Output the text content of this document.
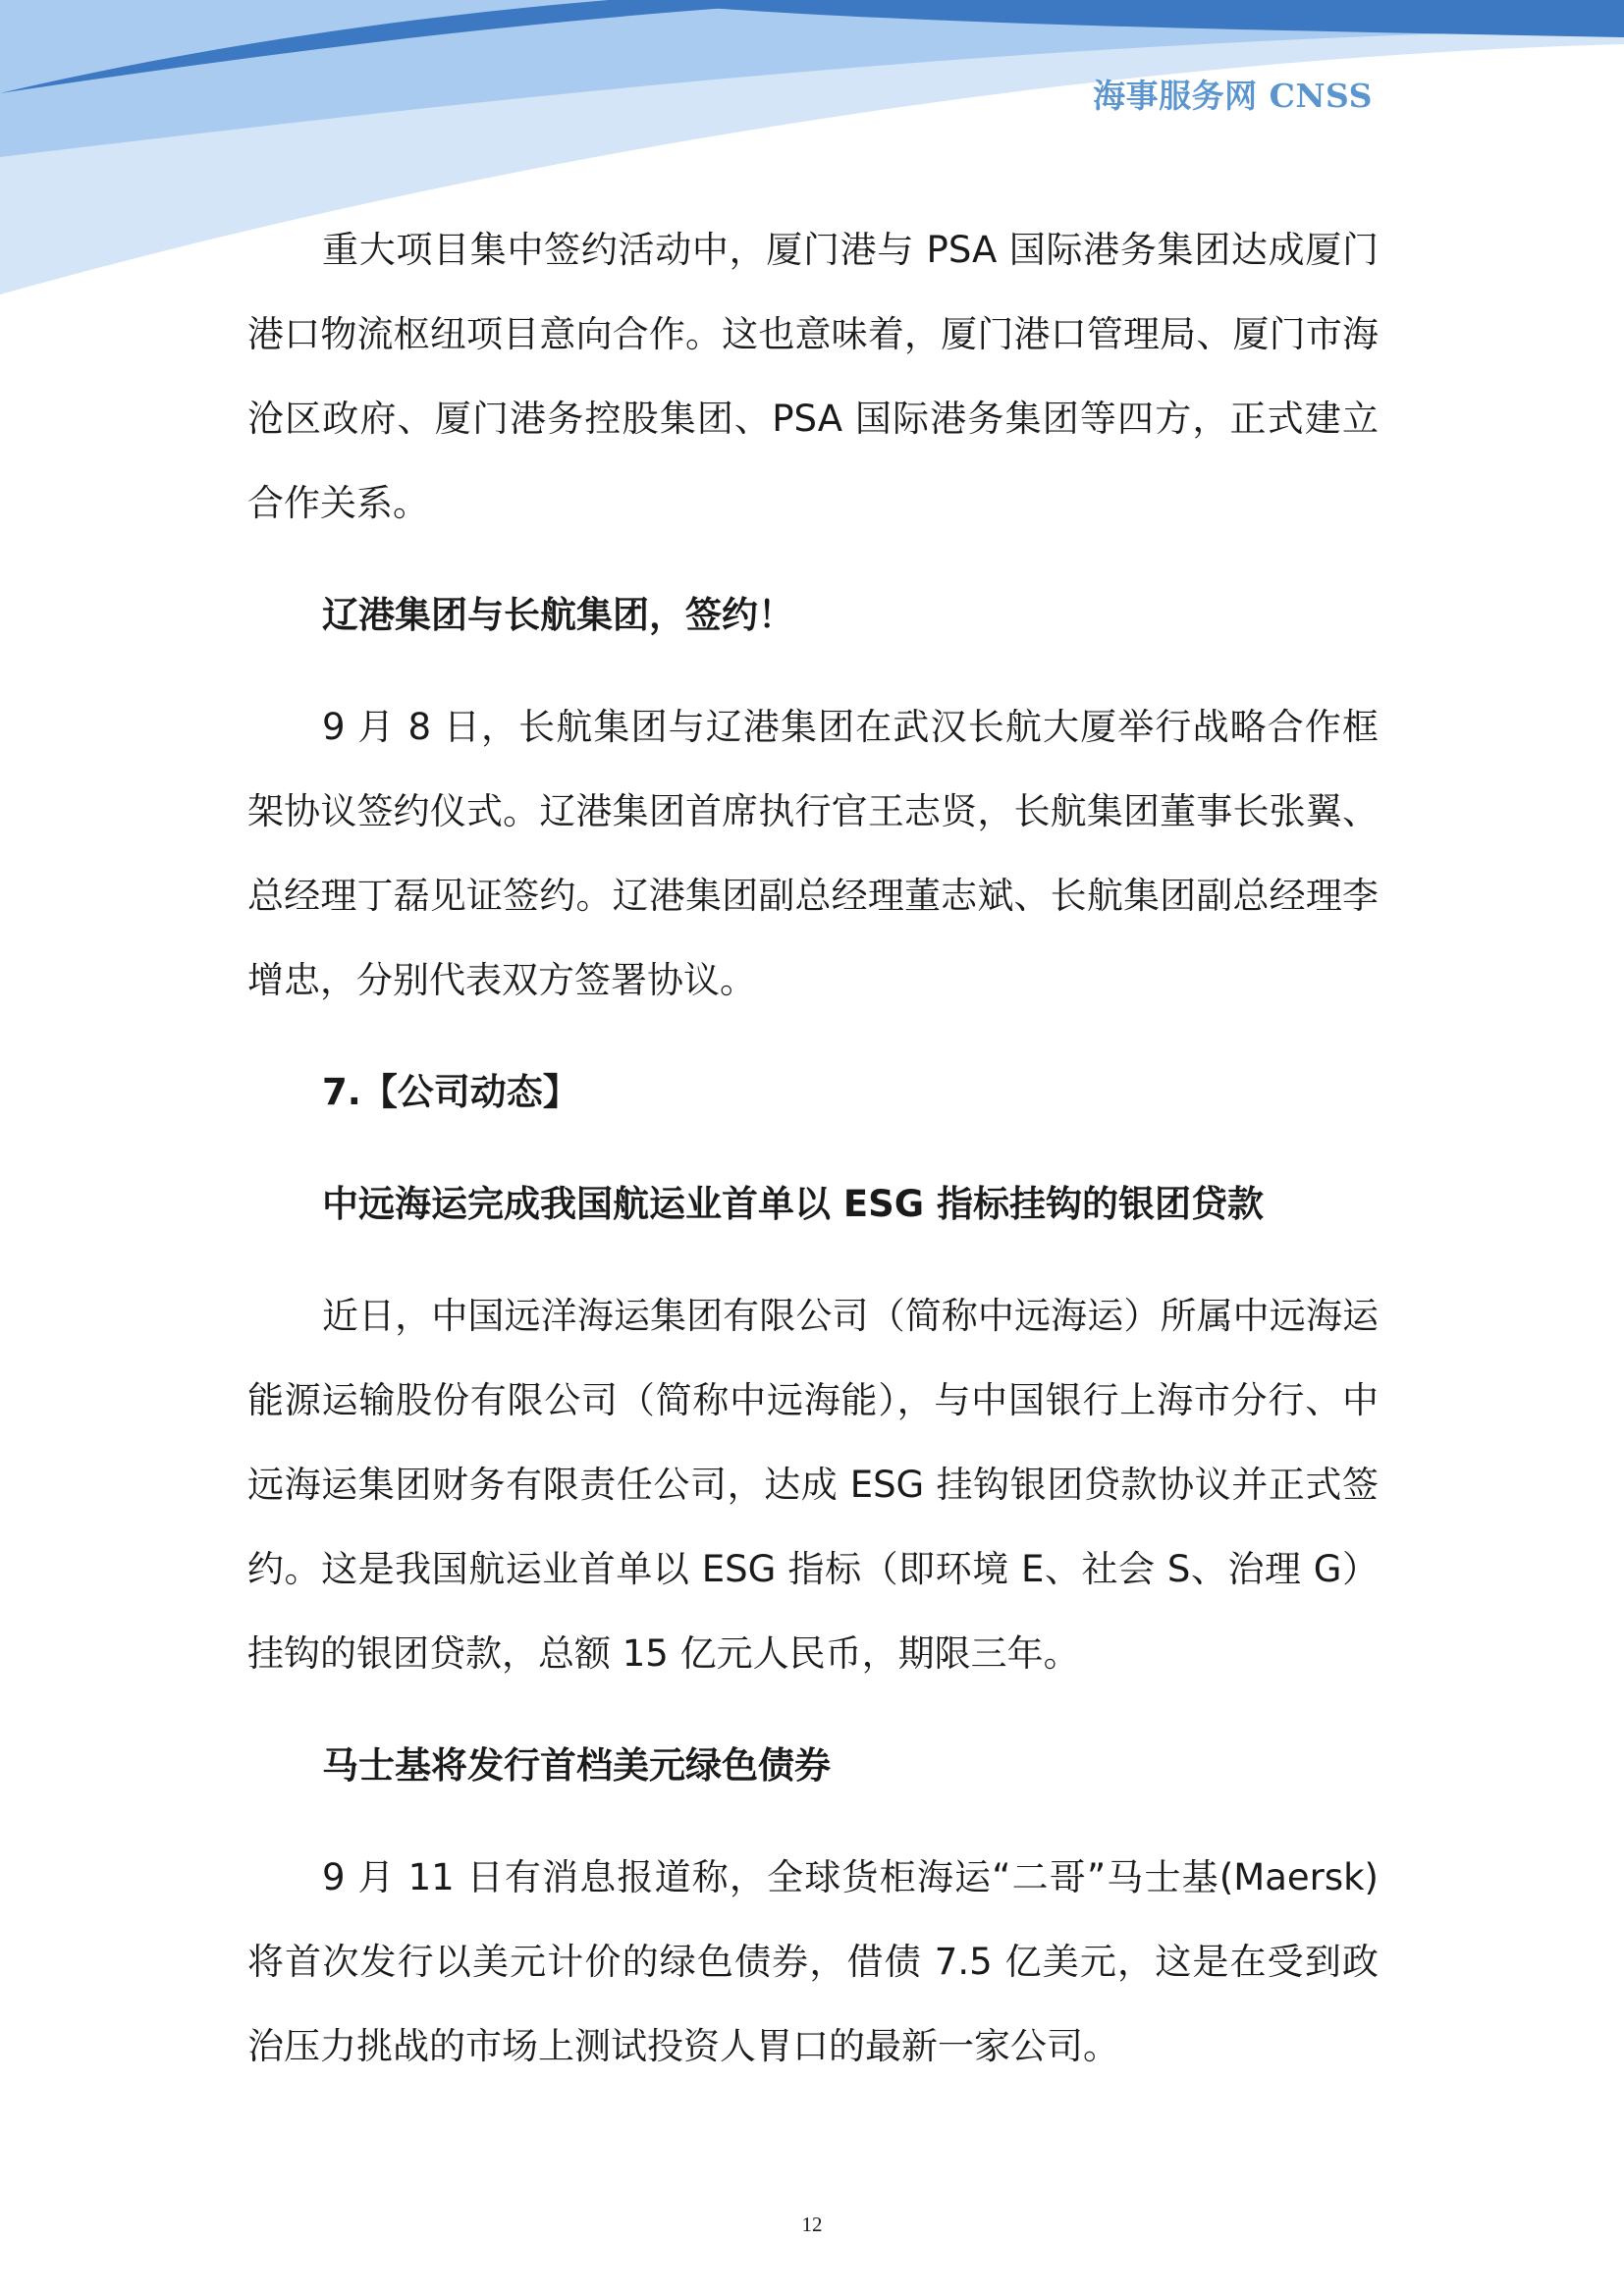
海事服务网 CNSS

重大项目集中签约活动中，厦门港与 PSA 国际港务集团达成厦门港口物流枢纽项目意向合作。这也意味着，厦门港口管理局、厦门市海沧区政府、厦门港务控股集团、PSA 国际港务集团等四方，正式建立合作关系。

辽港集团与长航集团，签约！

9 月 8 日，长航集团与辽港集团在武汉长航大厦举行战略合作框架协议签约仪式。辽港集团首席执行官王志贤，长航集团董事长张翼、总经理丁磊见证签约。辽港集团副总经理董志斌、长航集团副总经理李增忠，分别代表双方签署协议。

7.【公司动态】

中远海运完成我国航运业首单以 ESG 指标挂钩的银团贷款

近日，中国远洋海运集团有限公司（简称中远海运）所属中远海运能源运输股份有限公司（简称中远海能），与中国银行上海市分行、中远海运集团财务有限责任公司，达成 ESG 挂钩银团贷款协议并正式签约。这是我国航运业首单以 ESG 指标（即环境 E、社会 S、治理 G）挂钩的银团贷款，总额 15 亿元人民币，期限三年。

马士基将发行首档美元绿色债券

9 月 11 日有消息报道称，全球货柜海运“二哥”马士基(Maersk)将首次发行以美元计价的绿色债券，借债 7.5 亿美元，这是在受到政治压力挑战的市场上测试投资人胃口的最新一家公司。

12
